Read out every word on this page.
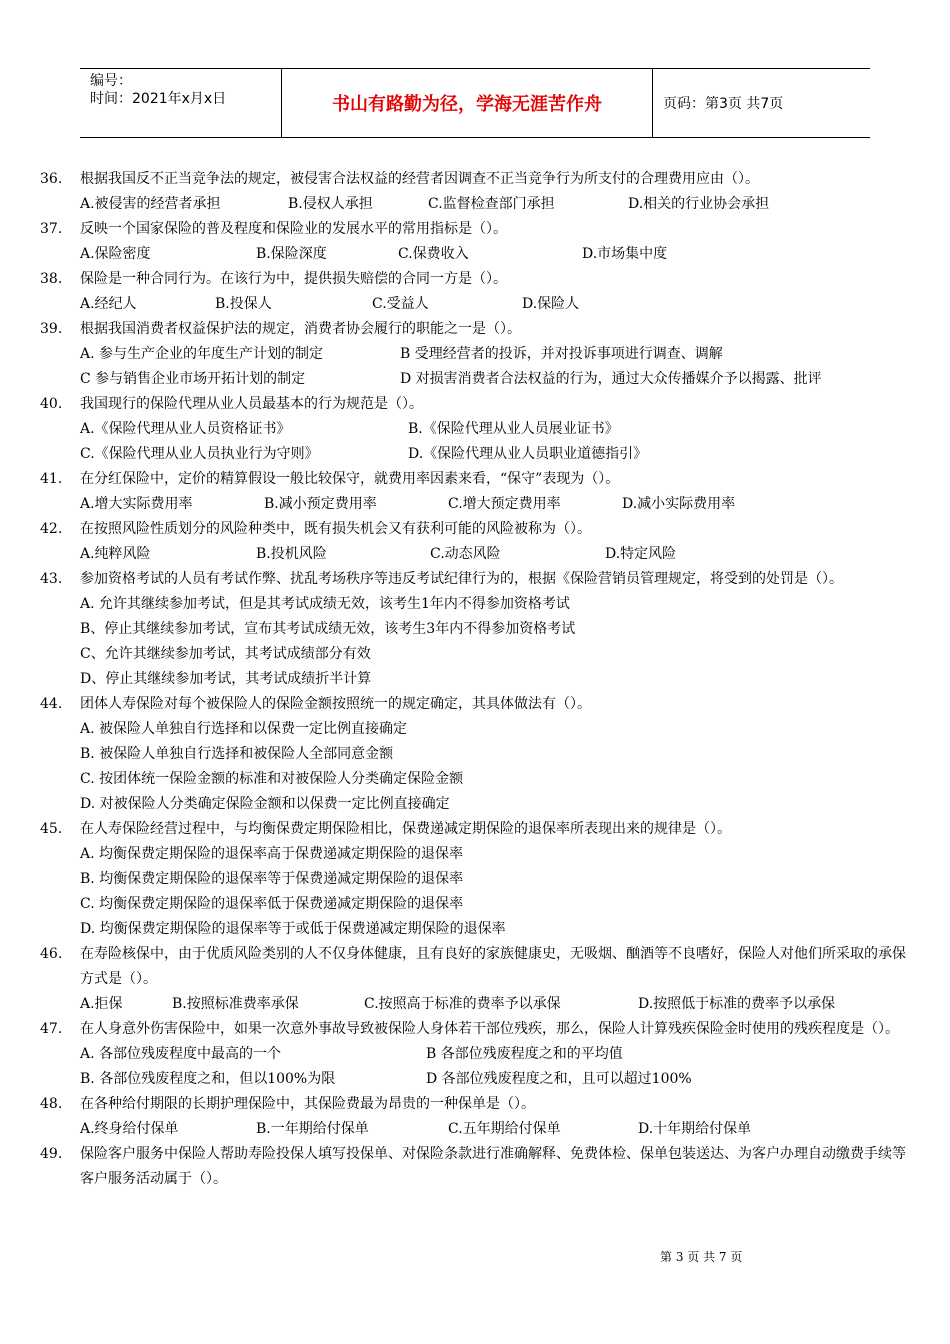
编号：
时间：2021年x月x日	书山有路勤为径，学海无涯苦作舟	页码：第3页 共7页
36.	根据我国反不正当竞争法的规定，被侵害合法权益的经营者因调查不正当竞争行为所支付的合理费用应由（）。
A.被侵害的经营者承担	B.侵权人承担	C.监督检查部门承担	D.相关的行业协会承担
37.	反映一个国家保险的普及程度和保险业的发展水平的常用指标是（）。
A.保险密度	B.保险深度	C.保费收入	D.市场集中度
38.	保险是一种合同行为。在该行为中，提供损失赔偿的合同一方是（）。
A.经纪人	B.投保人	C.受益人	D.保险人
39.	根据我国消费者权益保护法的规定，消费者协会履行的职能之一是（）。
A. 参与生产企业的年度生产计划的制定	B 受理经营者的投诉，并对投诉事项进行调查、调解
C 参与销售企业市场开拓计划的制定	D 对损害消费者合法权益的行为，通过大众传播媒介予以揭露、批评
40.	我国现行的保险代理从业人员最基本的行为规范是（）。
A.《保险代理从业人员资格证书》	B.《保险代理从业人员展业证书》
C.《保险代理从业人员执业行为守则》	D.《保险代理从业人员职业道德指引》
41.	在分红保险中，定价的精算假设一般比较保守，就费用率因素来看，“保守”表现为（）。
A.增大实际费用率	B.减小预定费用率	C.增大预定费用率	D.减小实际费用率
42.	在按照风险性质划分的风险种类中，既有损失机会又有获利可能的风险被称为（）。
A.纯粹风险	B.投机风险	C.动态风险	D.特定风险
43.	参加资格考试的人员有考试作弊、扰乱考场秩序等违反考试纪律行为的，根据《保险营销员管理规定，将受到的处罚是（）。
A. 允许其继续参加考试，但是其考试成绩无效，该考生1年内不得参加资格考试
B、停止其继续参加考试，宣布其考试成绩无效，该考生3年内不得参加资格考试
C、允许其继续参加考试，其考试成绩部分有效
D、停止其继续参加考试，其考试成绩折半计算
44.	团体人寿保险对每个被保险人的保险金额按照统一的规定确定，其具体做法有（）。
A. 被保险人单独自行选择和以保费一定比例直接确定
B. 被保险人单独自行选择和被保险人全部同意金额
C. 按团体统一保险金额的标准和对被保险人分类确定保险金额
D. 对被保险人分类确定保险金额和以保费一定比例直接确定
45.	在人寿保险经营过程中，与均衡保费定期保险相比，保费递减定期保险的退保率所表现出来的规律是（）。
A. 均衡保费定期保险的退保率高于保费递减定期保险的退保率
B. 均衡保费定期保险的退保率等于保费递减定期保险的退保率
C. 均衡保费定期保险的退保率低于保费递减定期保险的退保率
D. 均衡保费定期保险的退保率等于或低于保费递减定期保险的退保率
46.	在寿险核保中，由于优质风险类别的人不仅身体健康，且有良好的家族健康史，无吸烟、酗酒等不良嗜好，保险人对他们所采取的承保方式是（）。
A.拒保	B.按照标准费率承保	C.按照高于标准的费率予以承保	D.按照低于标准的费率予以承保
47.	在人身意外伤害保险中，如果一次意外事故导致被保险人身体若干部位残疾，那么，保险人计算残疾保险金时使用的残疾程度是（）。
A. 各部位残废程度中最高的一个	B 各部位残废程度之和的平均值
B. 各部位残废程度之和，但以100%为限	D 各部位残废程度之和，且可以超过100%
48.	在各种给付期限的长期护理保险中，其保险费最为昂贵的一种保单是（）。
A.终身给付保单	B.一年期给付保单	C.五年期给付保单	D.十年期给付保单
49.	保险客户服务中保险人帮助寿险投保人填写投保单、对保险条款进行准确解释、免费体检、保单包装送达、为客户办理自动缴费手续等客户服务活动属于（）。
第 3 页 共 7 页
